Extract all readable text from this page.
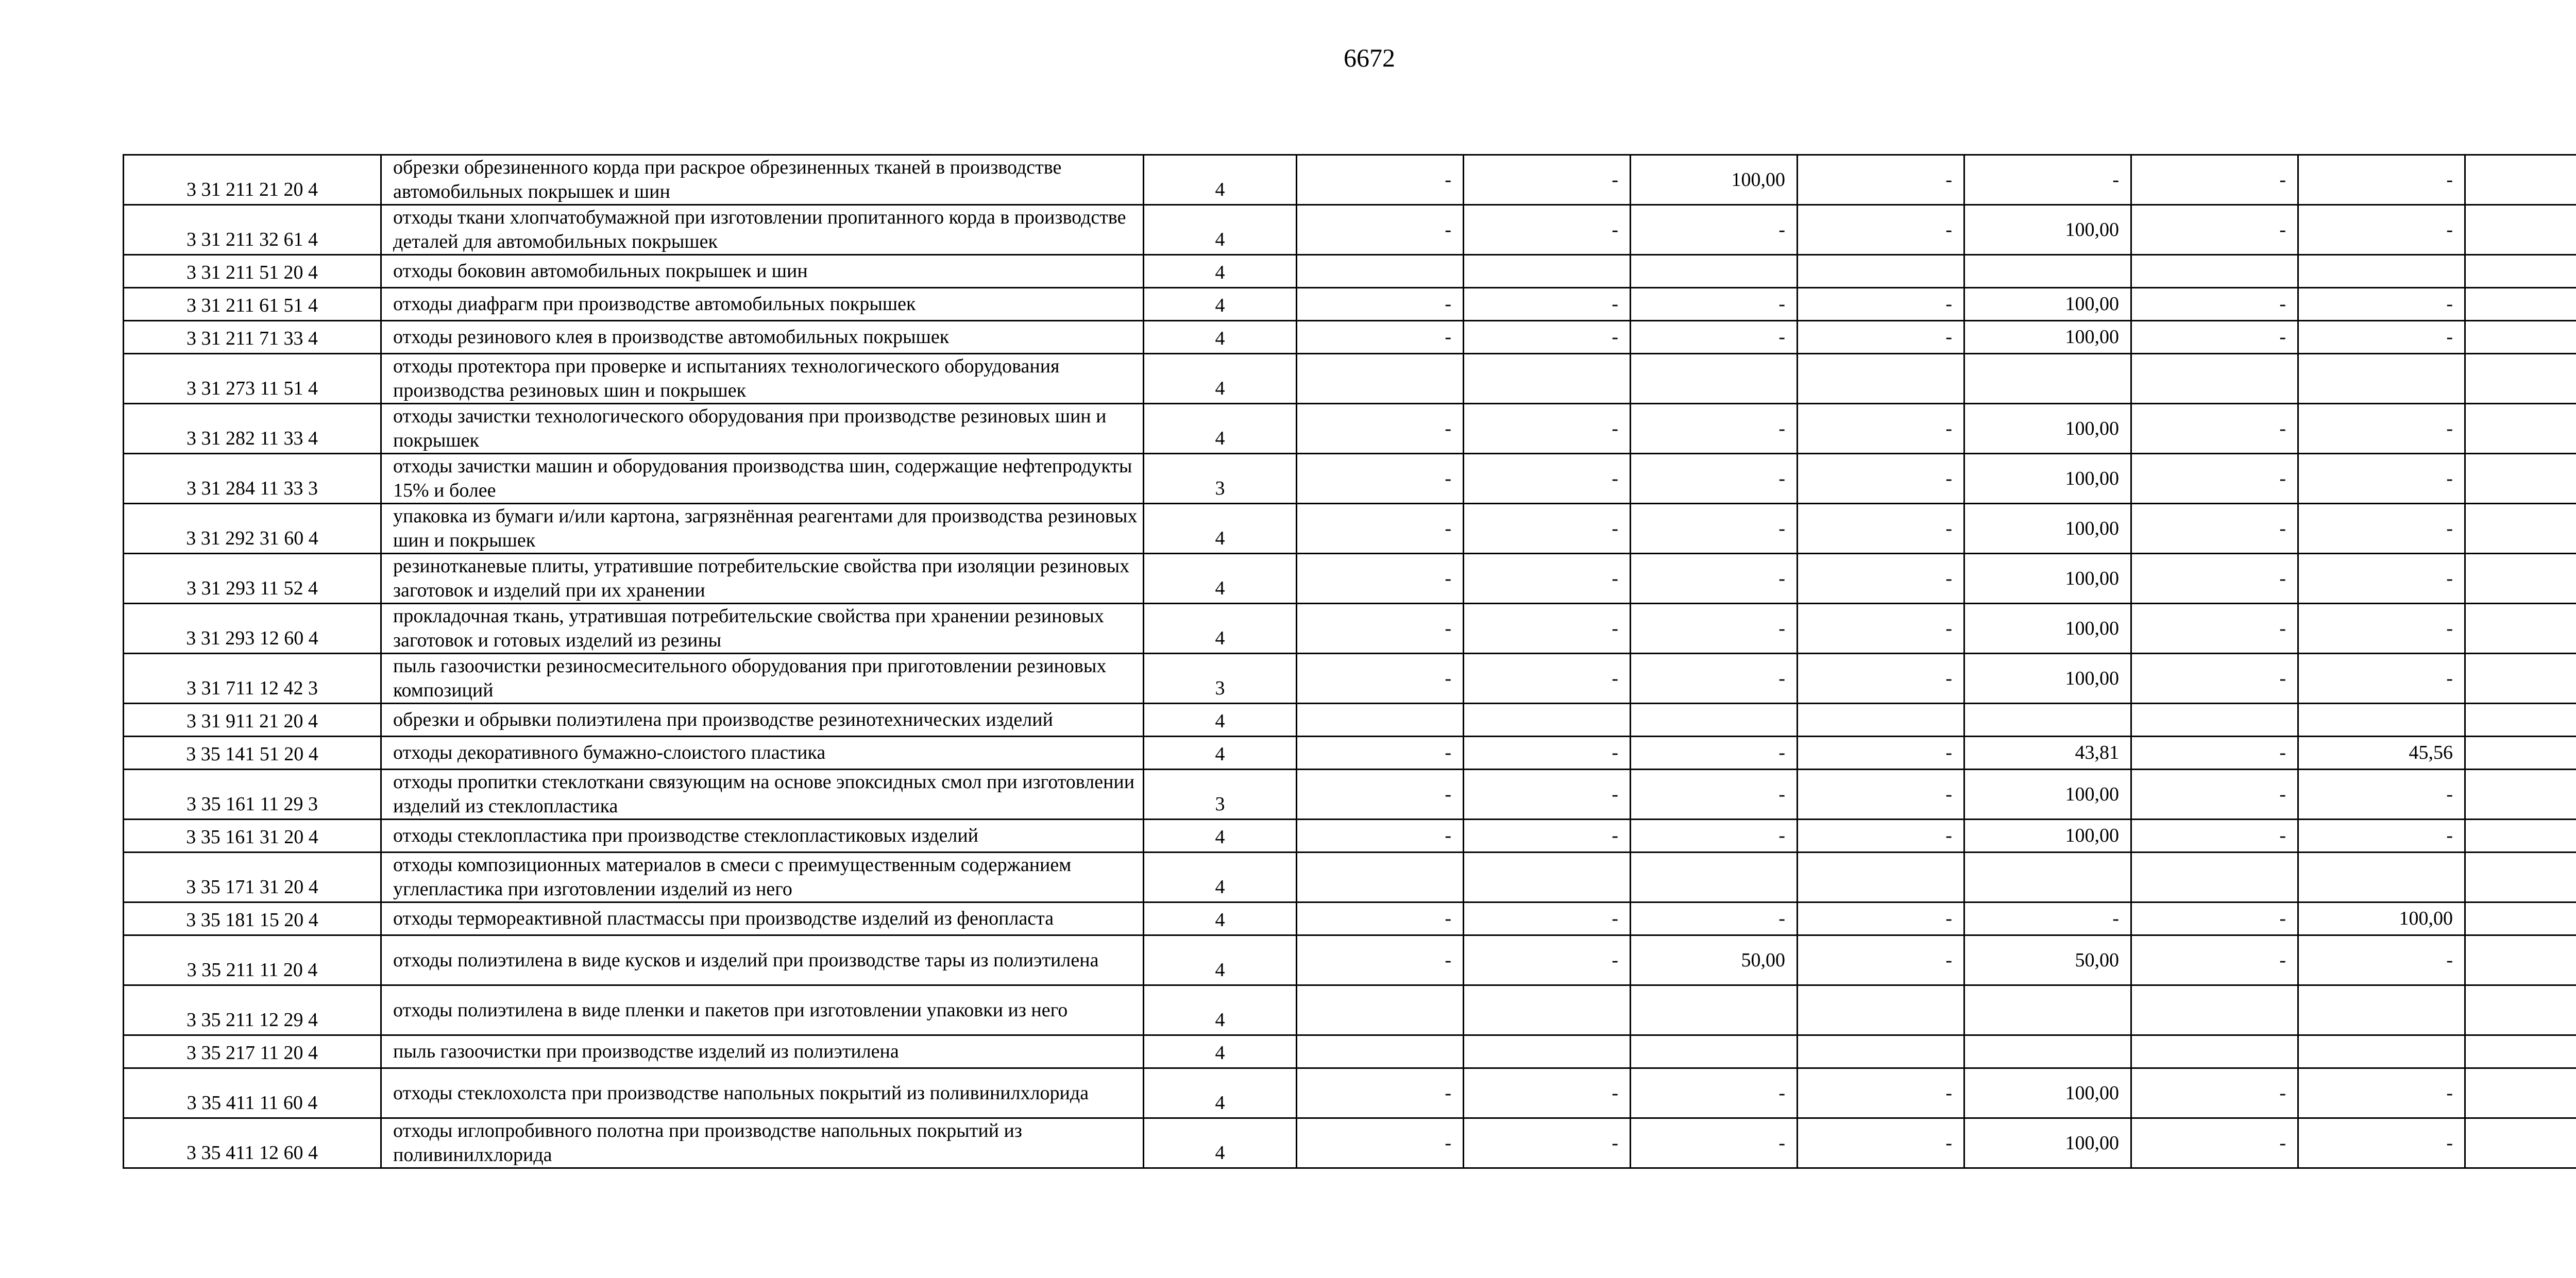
6672
3 31 211 21 20 4	обрезки обрезиненного корда при раскрое обрезиненных тканей в производстве автомобильных покрышек и шин	4	-	-	100,00	-	-	-	-	
3 31 211 32 61 4	отходы ткани хлопчатобумажной при изготовлении пропитанного корда в производстве деталей для автомобильных покрышек	4	-	-	-	-	100,00	-	-	
3 31 211 51 20 4	отходы боковин автомобильных покрышек и шин	4								
3 31 211 61 51 4	отходы диафрагм при производстве автомобильных покрышек	4	-	-	-	-	100,00	-	-	
3 31 211 71 33 4	отходы резинового клея в производстве автомобильных покрышек	4	-	-	-	-	100,00	-	-	
3 31 273 11 51 4	отходы протектора при проверке и испытаниях технологического оборудования производства резиновых шин и покрышек	4								
3 31 282 11 33 4	отходы зачистки технологического оборудования при производстве резиновых шин и покрышек	4	-	-	-	-	100,00	-	-	
3 31 284 11 33 3	отходы зачистки машин и оборудования производства шин, содержащие нефтепродукты 15% и более	3	-	-	-	-	100,00	-	-	
3 31 292 31 60 4	упаковка из бумаги и/или картона, загрязнённая реагентами для производства резиновых шин и покрышек	4	-	-	-	-	100,00	-	-	
3 31 293 11 52 4	резинотканевые плиты, утратившие потребительские свойства при изоляции резиновых заготовок и изделий при их хранении	4	-	-	-	-	100,00	-	-	
3 31 293 12 60 4	прокладочная ткань, утратившая потребительские свойства при хранении резиновых заготовок и готовых изделий из резины	4	-	-	-	-	100,00	-	-	
3 31 711 12 42 3	пыль газоочистки резиносмесительного оборудования при приготовлении резиновых композиций	3	-	-	-	-	100,00	-	-	
3 31 911 21 20 4	обрезки и обрывки полиэтилена при производстве резинотехнических изделий	4								
3 35 141 51 20 4	отходы декоративного бумажно-слоистого пластика	4	-	-	-	-	43,81	-	45,56	
3 35 161 11 29 3	отходы пропитки стеклоткани связующим на основе эпоксидных смол при изготовлении изделий из стеклопластика	3	-	-	-	-	100,00	-	-	
3 35 161 31 20 4	отходы стеклопластика при производстве стеклопластиковых изделий	4	-	-	-	-	100,00	-	-	
3 35 171 31 20 4	отходы композиционных материалов в смеси с преимущественным содержанием углепластика при изготовлении изделий из него	4								
3 35 181 15 20 4	отходы термореактивной пластмассы при производстве изделий из фенопласта	4	-	-	-	-	-	-	100,00	
3 35 211 11 20 4	отходы полиэтилена в виде кусков и изделий при производстве тары из полиэтилена	4	-	-	50,00	-	50,00	-	-	
3 35 211 12 29 4	отходы полиэтилена в виде пленки и пакетов при изготовлении упаковки из него	4								
3 35 217 11 20 4	пыль газоочистки при производстве изделий из полиэтилена	4								
3 35 411 11 60 4	отходы стеклохолста при производстве напольных покрытий из поливинилхлорида	4	-	-	-	-	100,00	-	-	
3 35 411 12 60 4	отходы иглопробивного полотна при производстве напольных покрытий из поливинилхлорида	4	-	-	-	-	100,00	-	-	
